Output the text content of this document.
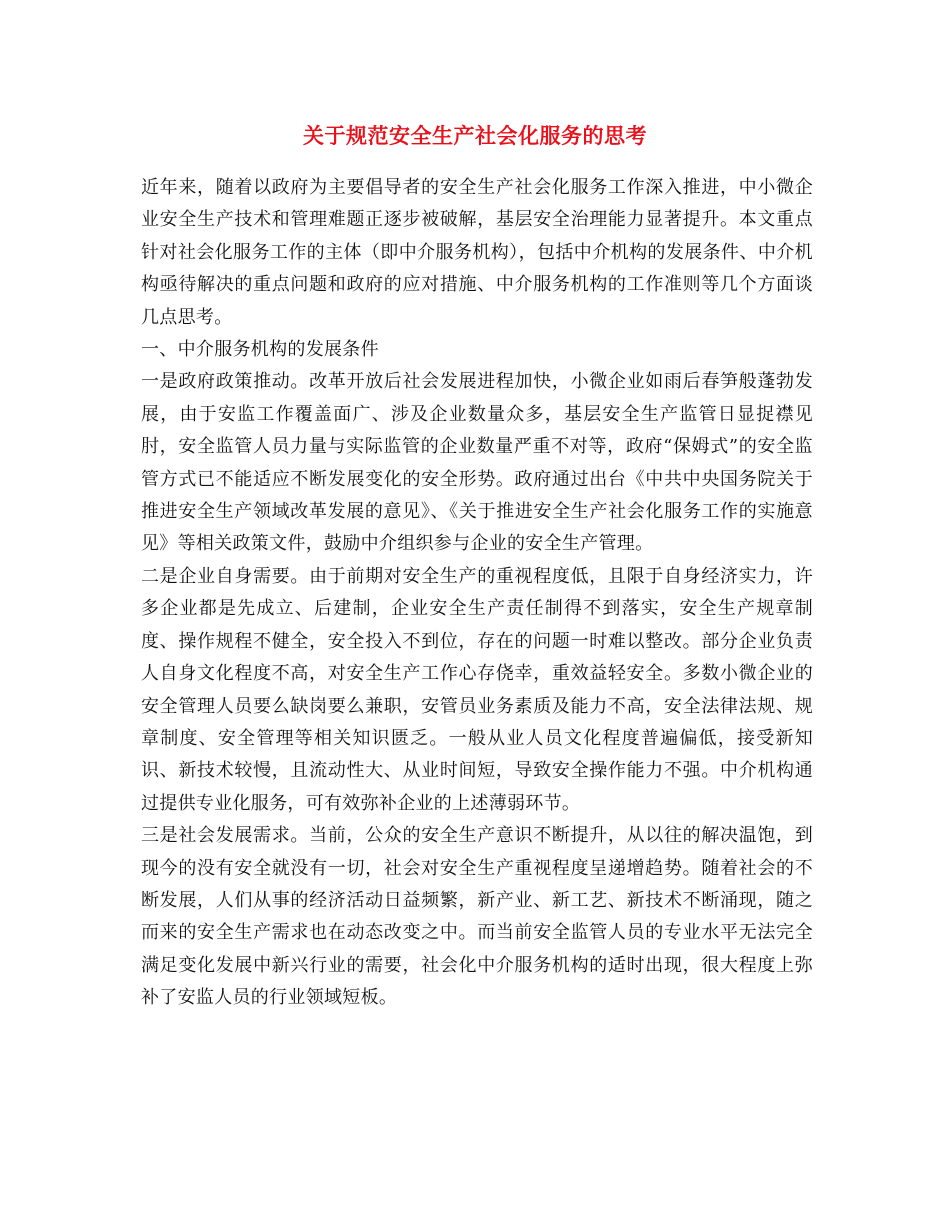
关于规范安全生产社会化服务的思考

近年来，随着以政府为主要倡导者的安全生产社会化服务工作深入推进，中小微企业安全生产技术和管理难题正逐步被破解，基层安全治理能力显著提升。本文重点针对社会化服务工作的主体（即中介服务机构），包括中介机构的发展条件、中介机构亟待解决的重点问题和政府的应对措施、中介服务机构的工作准则等几个方面谈几点思考。

一、中介服务机构的发展条件

一是政府政策推动。改革开放后社会发展进程加快，小微企业如雨后春笋般蓬勃发展，由于安监工作覆盖面广、涉及企业数量众多，基层安全生产监管日显捉襟见肘，安全监管人员力量与实际监管的企业数量严重不对等，政府“保姆式”的安全监管方式已不能适应不断发展变化的安全形势。政府通过出台《中共中央国务院关于推进安全生产领域改革发展的意见》、《关于推进安全生产社会化服务工作的实施意见》等相关政策文件，鼓励中介组织参与企业的安全生产管理。

二是企业自身需要。由于前期对安全生产的重视程度低，且限于自身经济实力，许多企业都是先成立、后建制，企业安全生产责任制得不到落实，安全生产规章制度、操作规程不健全，安全投入不到位，存在的问题一时难以整改。部分企业负责人自身文化程度不高，对安全生产工作心存侥幸，重效益轻安全。多数小微企业的安全管理人员要么缺岗要么兼职，安管员业务素质及能力不高，安全法律法规、规章制度、安全管理等相关知识匮乏。一般从业人员文化程度普遍偏低，接受新知识、新技术较慢，且流动性大、从业时间短，导致安全操作能力不强。中介机构通过提供专业化服务，可有效弥补企业的上述薄弱环节。

三是社会发展需求。当前，公众的安全生产意识不断提升，从以往的解决温饱，到现今的没有安全就没有一切，社会对安全生产重视程度呈递增趋势。随着社会的不断发展，人们从事的经济活动日益频繁，新产业、新工艺、新技术不断涌现，随之而来的安全生产需求也在动态改变之中。而当前安全监管人员的专业水平无法完全满足变化发展中新兴行业的需要，社会化中介服务机构的适时出现，很大程度上弥补了安监人员的行业领域短板。
